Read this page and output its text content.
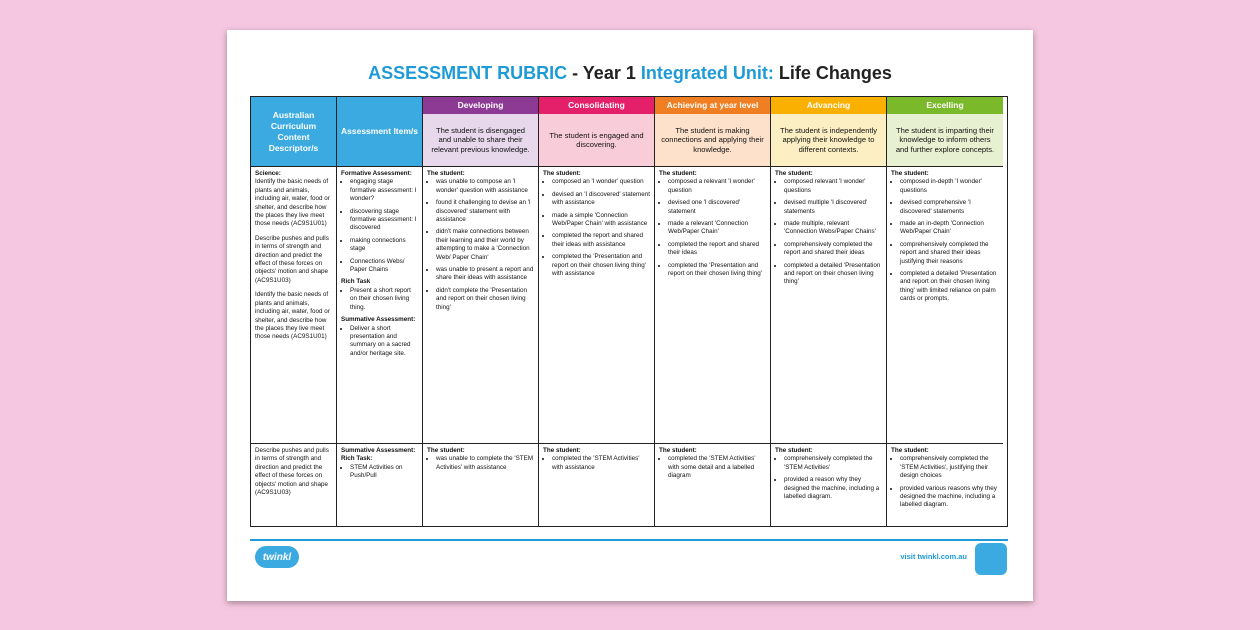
ASSESSMENT RUBRIC - Year 1 Integrated Unit: Life Changes
Australian Curriculum Content Descriptor/s
Assessment Item/s
Developing
The student is disengaged and unable to share their relevant previous knowledge.
Consolidating
The student is engaged and discovering.
Achieving at year level
The student is making connections and applying their knowledge.
Advancing
The student is independently applying their knowledge to different contexts.
Excelling
The student is imparting their knowledge to inform others and further explore concepts.
Science:
Identify the basic needs of plants and animals, including air, water, food or shelter, and describe how the places they live meet those needs (AC9S1U01)
Describe pushes and pulls in terms of strength and direction and predict the effect of these forces on objects' motion and shape (AC9S1U03)
Identify the basic needs of plants and animals, including air, water, food or shelter, and describe how the places they live meet those needs (AC9S1U01)
Formative Assessment:
• engaging stage formative assessment: I wonder?
• discovering stage formative assessment: I discovered
• making connections stage
• Connections Webs/ Paper Chains
Rich Task
• Present a short report on their chosen living thing.
Summative Assessment:
• Deliver a short presentation and summary on a sacred and/or heritage site.
The student:
• was unable to compose an 'I wonder' question with assistance
• found it challenging to devise an 'I discovered' statement with assistance
• didn't make connections between their learning and their world by attempting to make a 'Connection Web/ Paper Chain'
• was unable to present a report and share their ideas with assistance
• didn't complete the 'Presentation and report on their chosen living thing'
The student:
• composed an 'I wonder' question
• devised an 'I discovered' statement with assistance
• made a simple 'Connection Web/Paper Chain' with assistance
• completed the report and shared their ideas with assistance
• completed the 'Presentation and report on their chosen living thing' with assistance
The student:
• composed a relevant 'I wonder' question
• devised one 'I discovered' statement
• made a relevant 'Connection Web/Paper Chain'
• completed the report and shared their ideas
• completed the 'Presentation and report on their chosen living thing'
The student:
• composed relevant 'I wonder' questions
• devised multiple 'I discovered' statements
• made multiple, relevant 'Connection Webs/Paper Chains'
• comprehensively completed the report and shared their ideas
• completed a detailed 'Presentation and report on their chosen living thing'
The student:
• composed in-depth 'I wonder' questions
• devised comprehensive 'I discovered' statements
• made an in-depth 'Connection Web/Paper Chain'
• comprehensively completed the report and shared their ideas justifying their reasons
• completed a detailed 'Presentation and report on their chosen living thing' with limited reliance on palm cards or prompts.
Describe pushes and pulls in terms of strength and direction and predict the effect of these forces on objects' motion and shape (AC9S1U03)
Summative Assessment:
Rich Task:
• STEM Activities on Push/Pull
The student:
• was unable to complete the 'STEM Activities' with assistance
The student:
• completed the 'STEM Activities' with assistance
The student:
• completed the 'STEM Activities' with some detail and a labelled diagram
The student:
• comprehensively completed the 'STEM Activities'
• provided a reason why they designed the machine, including a labelled diagram.
The student:
• comprehensively completed the 'STEM Activities', justifying their design choices
• provided various reasons why they designed the machine, including a labelled diagram.
twinkl	visit twinkl.com.au
